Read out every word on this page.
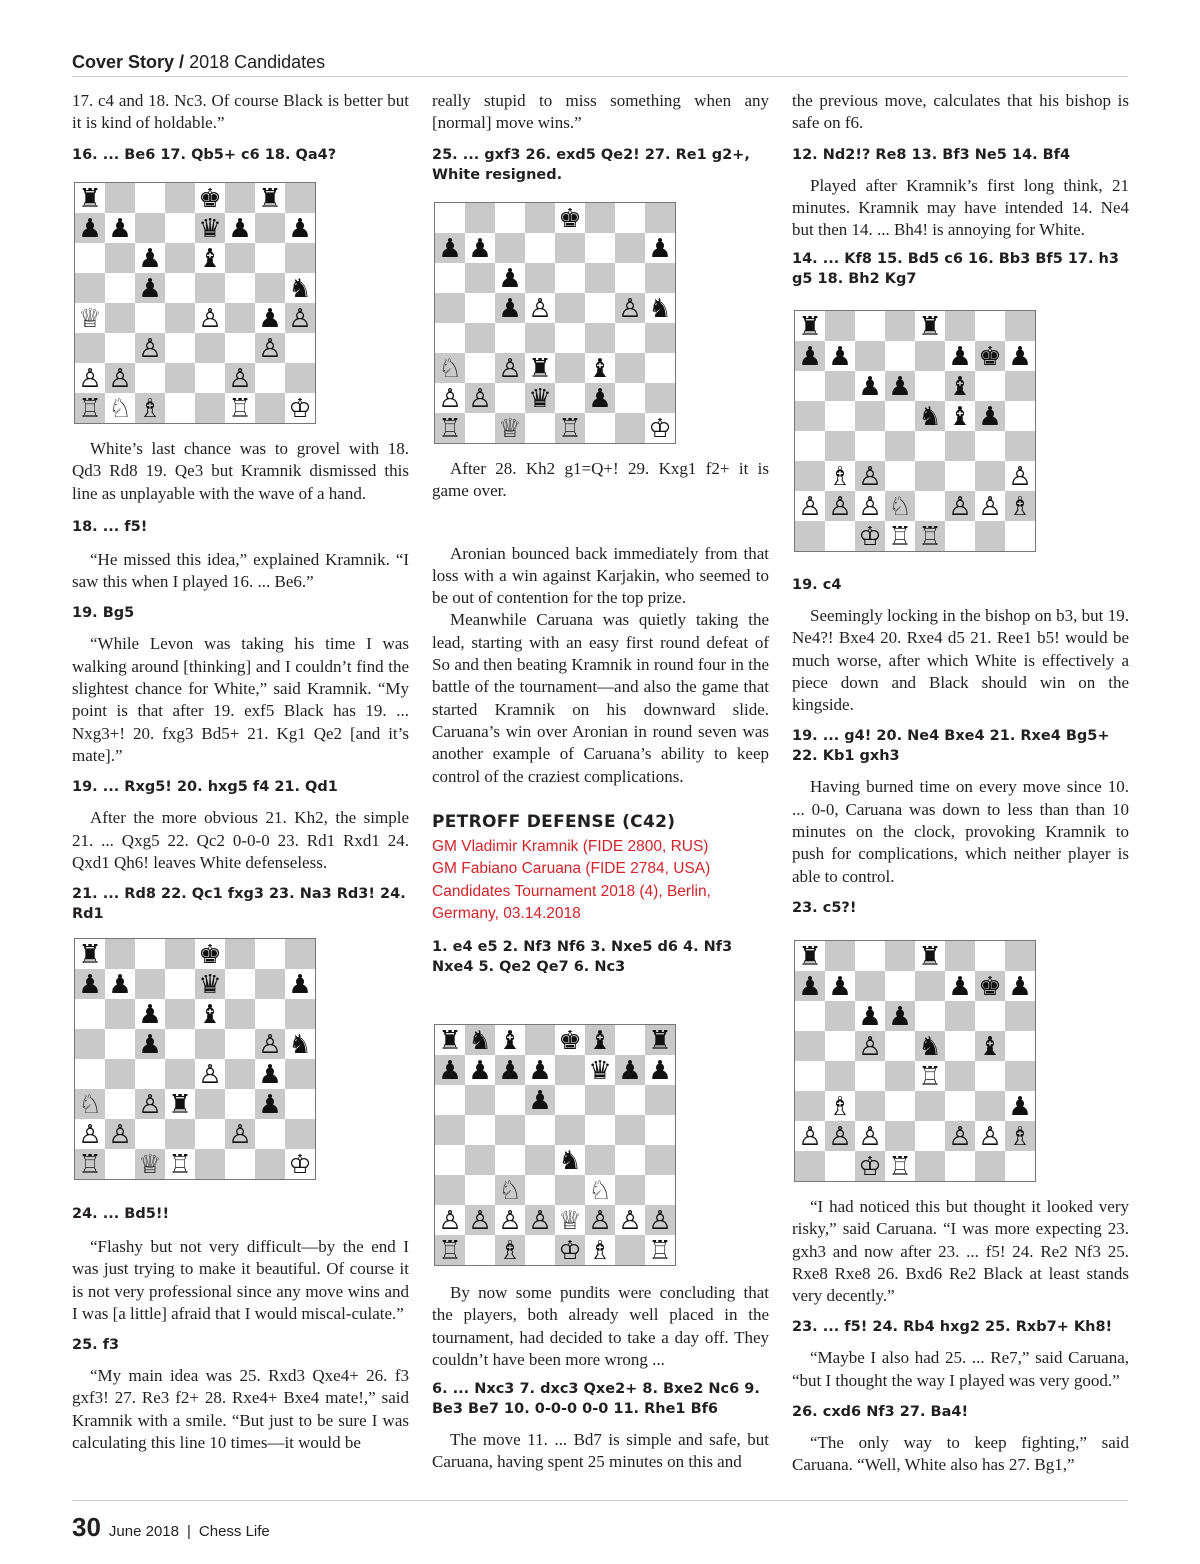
Cover Story / 2018 Candidates

17. c4 and 18. Nc3. Of course Black is better but it is kind of holdable.”

16. ... Be6 17. Qb5+ c6 18. Qa4?

♜	♚ ♜
♟ ♟	♛ ♟ ♟
♟ ♝
♟	♞
♕	♙ ♟ ♙
♙	♙
♙ ♙	♙
♖ ♘ ♗	♖ ♔

White’s last chance was to grovel with 18. Qd3 Rd8 19. Qe3 but Kramnik dismissed this line as unplayable with the wave of a hand.

18. ... f5!

“He missed this idea,” explained Kramnik. “I saw this when I played 16. ... Be6.”

19. Bg5

“While Levon was taking his time I was walking around [thinking] and I couldn’t find the slightest chance for White,” said Kramnik. “My point is that after 19. exf5 Black has 19. ... Nxg3+! 20. fxg3 Bd5+ 21. Kg1 Qe2 [and it’s mate].”

19. ... Rxg5! 20. hxg5 f4 21. Qd1

After the more obvious 21. Kh2, the simple 21. ... Qxg5 22. Qc2 0-0-0 23. Rd1 Rxd1 24. Qxd1 Qh6! leaves White defenseless.

21. ... Rd8 22. Qc1 fxg3 23. Na3 Rd3! 24. Rd1

♜	♚
♟ ♟	♛	♟
♟ ♝
♟	♙ ♞
♙ ♟
♘ ♙ ♜	♟
♙ ♙	♙
♖ ♕ ♖	♔

24. ... Bd5!!

“Flashy but not very difficult—by the end I was just trying to make it beautiful. Of course it is not very professional since any move wins and I was [a little] afraid that I would miscal-culate.”

25. f3

“My main idea was 25. Rxd3 Qxe4+ 26. f3 gxf3! 27. Re3 f2+ 28. Rxe4+ Bxe4 mate!,” said Kramnik with a smile. “But just to be sure I was calculating this line 10 times—it would be

really stupid to miss something when any [normal] move wins.”

25. ... gxf3 26. exd5 Qe2! 27. Re1 g2+, White resigned.

♚
♟ ♟	♟
♟
♟ ♙	♙ ♞
♘ ♙ ♜ ♝
♙ ♙ ♛ ♟
♖ ♕ ♖	♔

After 28. Kh2 g1=Q+! 29. Kxg1 f2+ it is game over.

Aronian bounced back immediately from that loss with a win against Karjakin, who seemed to be out of contention for the top prize.

Meanwhile Caruana was quietly taking the lead, starting with an easy first round defeat of So and then beating Kramnik in round four in the battle of the tournament—and also the game that started Kramnik on his downward slide. Caruana’s win over Aronian in round seven was another example of Caruana’s ability to keep control of the craziest complications.

PETROFF DEFENSE (C42)

GM Vladimir Kramnik (FIDE 2800, RUS)

GM Fabiano Caruana (FIDE 2784, USA)

Candidates Tournament 2018 (4), Berlin,

Germany, 03.14.2018

1. e4 e5 2. Nf3 Nf6 3. Nxe5 d6 4. Nf3 Nxe4 5. Qe2 Qe7 6. Nc3

♜ ♞ ♝ ♚ ♝ ♜
♟ ♟ ♟ ♟ ♛ ♟ ♟
♟
♞
♘	♘
♙ ♙ ♙ ♙ ♕ ♙ ♙ ♙
♖ ♗ ♔ ♗ ♖

By now some pundits were concluding that the players, both already well placed in the tournament, had decided to take a day off. They couldn’t have been more wrong ...

6. ... Nxc3 7. dxc3 Qxe2+ 8. Bxe2 Nc6 9. Be3 Be7 10. 0-0-0 0-0 11. Rhe1 Bf6

The move 11. ... Bd7 is simple and safe, but Caruana, having spent 25 minutes on this and

the previous move, calculates that his bishop is safe on f6.

12. Nd2!? Re8 13. Bf3 Ne5 14. Bf4

Played after Kramnik’s first long think, 21 minutes. Kramnik may have intended 14. Ne4 but then 14. ... Bh4! is annoying for White.

14. ... Kf8 15. Bd5 c6 16. Bb3 Bf5 17. h3 g5 18. Bh2 Kg7

♜	♜
♟ ♟	♟ ♚ ♟
♟ ♟ ♝
♞ ♝ ♟
♗ ♙	♙
♙ ♙ ♙ ♘ ♙ ♙ ♗
♔ ♖ ♖

19. c4

Seemingly locking in the bishop on b3, but 19. Ne4?! Bxe4 20. Rxe4 d5 21. Ree1 b5! would be much worse, after which White is effectively a piece down and Black should win on the kingside.

19. ... g4! 20. Ne4 Bxe4 21. Rxe4 Bg5+ 22. Kb1 gxh3

Having burned time on every move since 10. ... 0-0, Caruana was down to less than than 10 minutes on the clock, provoking Kramnik to push for complications, which neither player is able to control.

23. c5?!

♜	♜
♟ ♟	♟ ♚ ♟
♟ ♟
♙ ♞ ♝
♖
♗	♟
♙ ♙ ♙	♙ ♙ ♗
♔ ♖

“I had noticed this but thought it looked very risky,” said Caruana. “I was more expecting 23. gxh3 and now after 23. ... f5! 24. Re2 Nf3 25. Rxe8 Rxe8 26. Bxd6 Re2 Black at least stands very decently.”

23. ... f5! 24. Rb4 hxg2 25. Rxb7+ Kh8!

“Maybe I also had 25. ... Re7,” said Caruana, “but I thought the way I played was very good.”

26. cxd6 Nf3 27. Ba4!

“The only way to keep fighting,” said Caruana. “Well, White also has 27. Bg1,”

30 June 2018 | Chess Life
